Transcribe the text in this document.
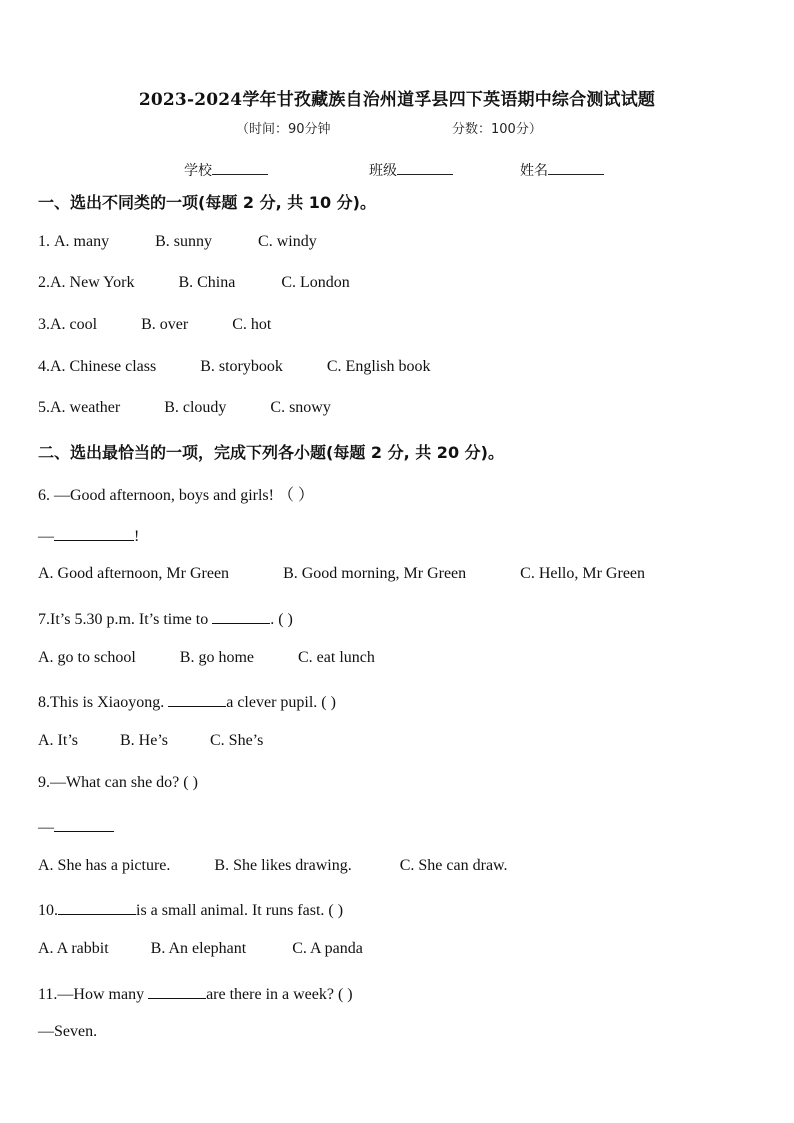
2023-2024学年甘孜藏族自治州道孚县四下英语期中综合测试试题
（时间：90分钟	分数：100分）
学校	班级	姓名
一、选出不同类的一项(每题 2 分, 共 10 分)。
1. A. many	B. sunny	C. windy
2.A. New York	B. China	C. London
3.A. cool	B. over	C. hot
4.A. Chinese class	B. storybook	C. English book
5.A. weather	B. cloudy	C. snowy
二、选出最恰当的一项，完成下列各小题(每题 2 分, 共 20 分)。
6. —Good afternoon, boys and girls! （ ）
—	!
A. Good afternoon, Mr Green	B. Good morning, Mr Green	C. Hello, Mr Green
7.It’s 5.30 p.m. It’s time to	. ( )
A. go to school	B. go home	C. eat lunch
8.This is Xiaoyong.	a clever pupil. ( )
A. It’s	B. He’s	C. She’s
9.—What can she do? ( )
—
A. She has a picture.	B. She likes drawing.	C. She can draw.
10.	is a small animal. It runs fast. ( )
A. A rabbit	B. An elephant	C. A panda
11.—How many	are there in a week? ( )
—Seven.
